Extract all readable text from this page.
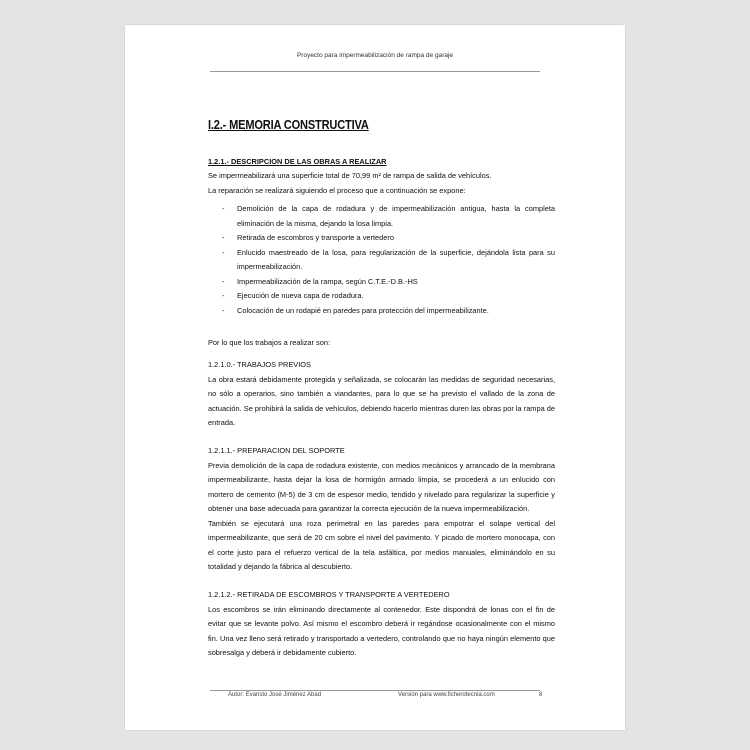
Proyecto para impermeabilización de rampa de garaje
I.2.- MEMORIA CONSTRUCTIVA
1.2.1.- DESCRIPCION DE LAS OBRAS A REALIZAR

Se impermeabilizará una superficie total de 70,99 m² de rampa de salida de vehículos.

La reparación se realizará siguiendo el proceso que a continuación se expone:

- Demolición de la capa de rodadura y de impermeabilización antigua, hasta la completa eliminación de la misma, dejando la losa limpia.
- Retirada de escombros y transporte a vertedero
- Enlucido maestreado de la losa, para regularización de la superficie, dejándola lista para su impermeabilización.
- Impermeabilización de la rampa, según C.T.E.-D.B.-HS
- Ejecución de nueva capa de rodadura.
- Colocación de un rodapié en paredes para protección del impermeabilizante.

Por lo que los trabajos a realizar son:

1.2.1.0.- TRABAJOS PREVIOS

La obra estará debidamente protegida y señalizada, se colocarán las medidas de seguridad necesarias, no sólo a operarios, sino también a viandantes, para lo que se ha previsto el vallado de la zona de actuación. Se prohibirá la salida de vehículos, debiendo hacerlo mientras duren las obras por la rampa de entrada.

1.2.1.1.- PREPARACION DEL SOPORTE

Previa demolición de la capa de rodadura existente, con medios mecánicos y arrancado de la membrana impermeabilizante, hasta dejar la losa de hormigón armado limpia, se procederá a un enlucido con mortero de cemento (M-5) de 3 cm de espesor medio, tendido y nivelado para regularizar la superficie y obtener una base adecuada para garantizar la correcta ejecución de la nueva impermeabilización.

También se ejecutará una roza perimetral en las paredes para empotrar el solape vertical del impermeabilizante, que será de 20 cm sobre el nivel del pavimento. Y picado de mortero monocapa, con el corte justo para el refuerzo vertical de la tela asfáltica, por medios manuales, eliminándolo en su totalidad y dejando la fábrica al descubierto.

1.2.1.2.- RETIRADA DE ESCOMBROS Y TRANSPORTE A VERTEDERO

Los escombros se irán eliminando directamente al contenedor. Este dispondrá de lonas con el fin de evitar que se levante polvo. Así mismo el escombro deberá ir regándose ocasionalmente con el mismo fin. Una vez lleno será retirado y transportado a vertedero, controlando que no haya ningún elemento que sobresalga y deberá ir debidamente cubierto.

Autor: Evaristo José Jiménez Abad	Versión para www.ficherotecnia.com	8
